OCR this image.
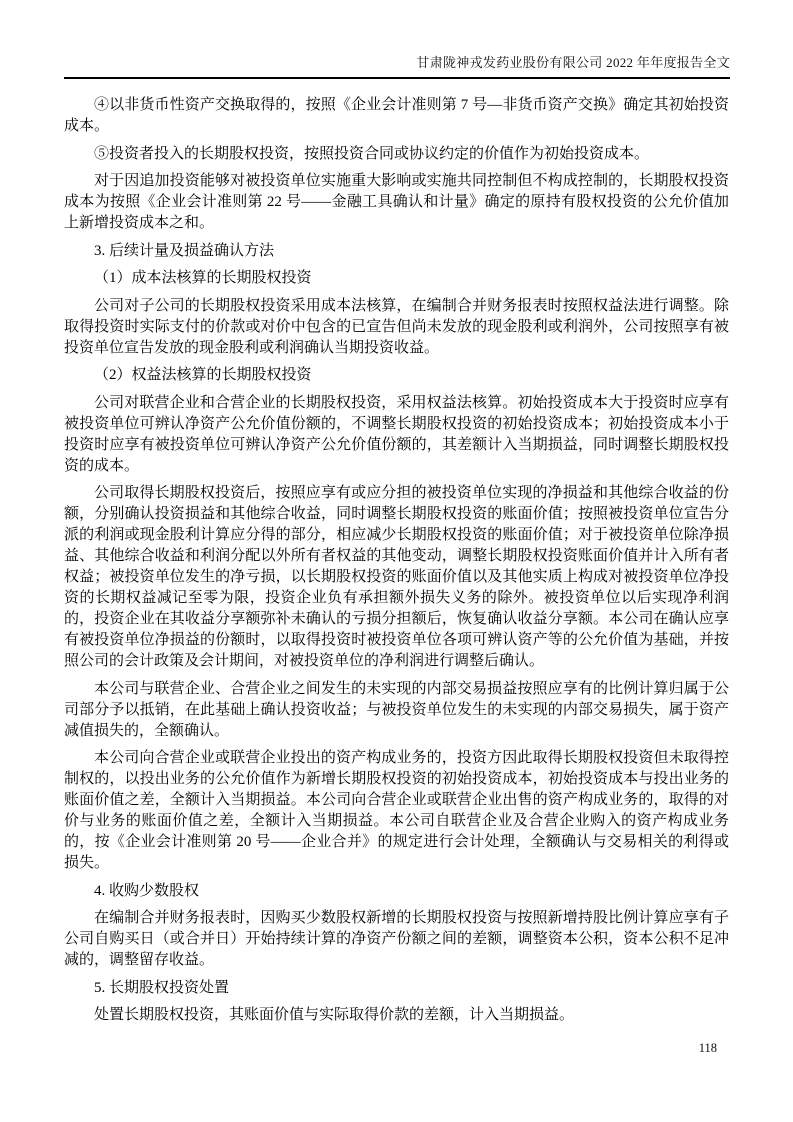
甘肃陇神戎发药业股份有限公司 2022 年年度报告全文

④以非货币性资产交换取得的，按照《企业会计准则第 7 号—非货币资产交换》确定其初始投资成本。

⑤投资者投入的长期股权投资，按照投资合同或协议约定的价值作为初始投资成本。

对于因追加投资能够对被投资单位实施重大影响或实施共同控制但不构成控制的，长期股权投资成本为按照《企业会计准则第 22 号——金融工具确认和计量》确定的原持有股权投资的公允价值加上新增投资成本之和。

3. 后续计量及损益确认方法

（1）成本法核算的长期股权投资

公司对子公司的长期股权投资采用成本法核算，在编制合并财务报表时按照权益法进行调整。除取得投资时实际支付的价款或对价中包含的已宣告但尚未发放的现金股利或利润外，公司按照享有被投资单位宣告发放的现金股利或利润确认当期投资收益。

（2）权益法核算的长期股权投资

公司对联营企业和合营企业的长期股权投资，采用权益法核算。初始投资成本大于投资时应享有被投资单位可辨认净资产公允价值份额的，不调整长期股权投资的初始投资成本；初始投资成本小于投资时应享有被投资单位可辨认净资产公允价值份额的，其差额计入当期损益，同时调整长期股权投资的成本。

公司取得长期股权投资后，按照应享有或应分担的被投资单位实现的净损益和其他综合收益的份额，分别确认投资损益和其他综合收益，同时调整长期股权投资的账面价值；按照被投资单位宣告分派的利润或现金股利计算应分得的部分，相应减少长期股权投资的账面价值；对于被投资单位除净损益、其他综合收益和利润分配以外所有者权益的其他变动，调整长期股权投资账面价值并计入所有者权益；被投资单位发生的净亏损，以长期股权投资的账面价值以及其他实质上构成对被投资单位净投资的长期权益减记至零为限，投资企业负有承担额外损失义务的除外。被投资单位以后实现净利润的，投资企业在其收益分享额弥补未确认的亏损分担额后，恢复确认收益分享额。本公司在确认应享有被投资单位净损益的份额时，以取得投资时被投资单位各项可辨认资产等的公允价值为基础，并按照公司的会计政策及会计期间，对被投资单位的净利润进行调整后确认。

本公司与联营企业、合营企业之间发生的未实现的内部交易损益按照应享有的比例计算归属于公司部分予以抵销，在此基础上确认投资收益；与被投资单位发生的未实现的内部交易损失，属于资产减值损失的，全额确认。

本公司向合营企业或联营企业投出的资产构成业务的，投资方因此取得长期股权投资但未取得控制权的，以投出业务的公允价值作为新增长期股权投资的初始投资成本，初始投资成本与投出业务的账面价值之差，全额计入当期损益。本公司向合营企业或联营企业出售的资产构成业务的，取得的对价与业务的账面价值之差，全额计入当期损益。本公司自联营企业及合营企业购入的资产构成业务的，按《企业会计准则第 20 号——企业合并》的规定进行会计处理，全额确认与交易相关的利得或损失。

4. 收购少数股权

在编制合并财务报表时，因购买少数股权新增的长期股权投资与按照新增持股比例计算应享有子公司自购买日（或合并日）开始持续计算的净资产份额之间的差额，调整资本公积，资本公积不足冲减的，调整留存收益。

5. 长期股权投资处置

处置长期股权投资，其账面价值与实际取得价款的差额，计入当期损益。

118
